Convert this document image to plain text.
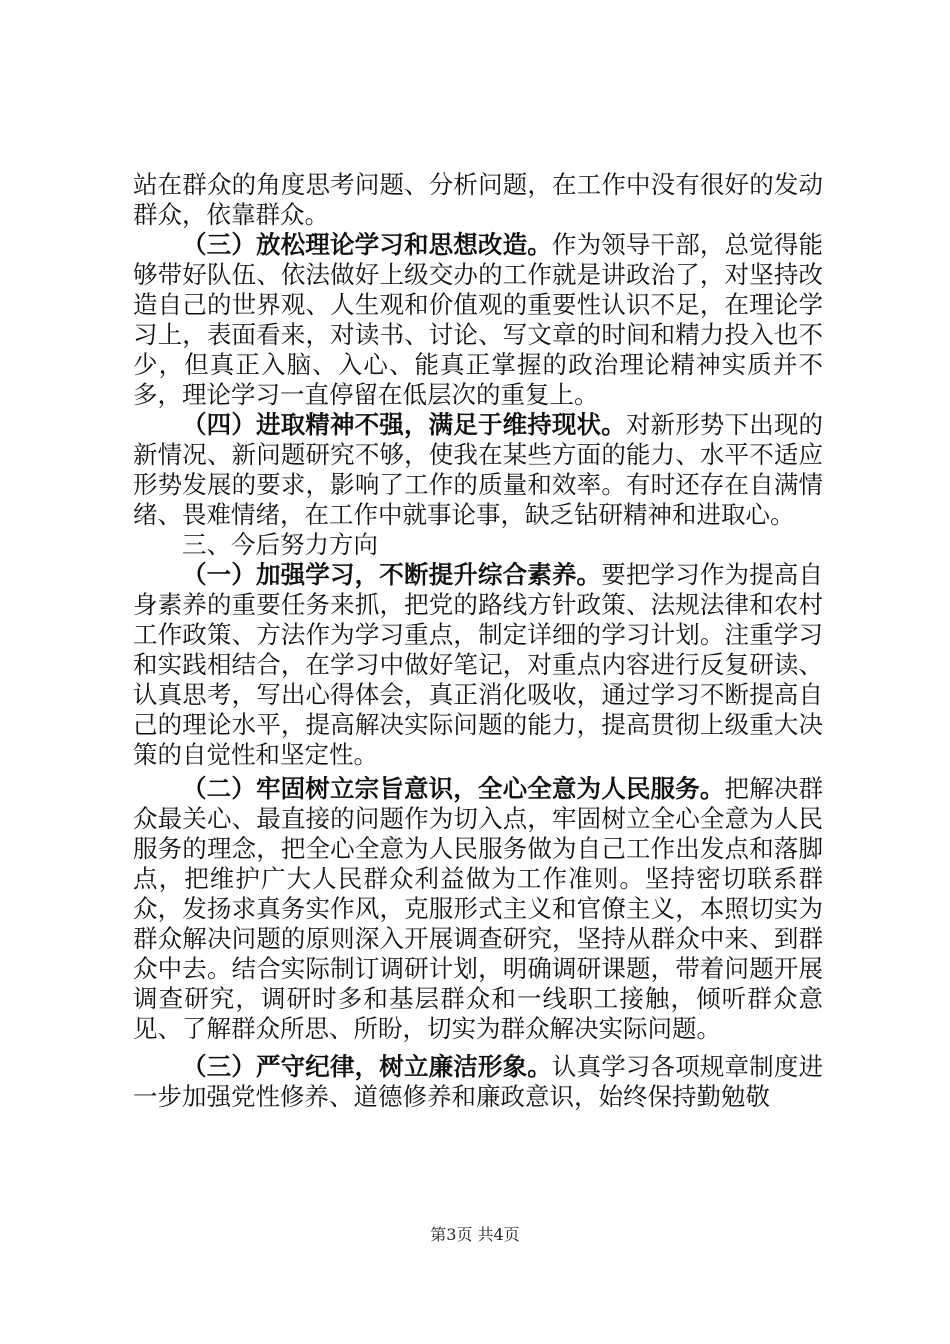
站在群众的角度思考问题、分析问题，在工作中没有很好的发动群众，依靠群众。

（三）放松理论学习和思想改造。作为领导干部，总觉得能够带好队伍、依法做好上级交办的工作就是讲政治了，对坚持改造自己的世界观、人生观和价值观的重要性认识不足，在理论学习上，表面看来，对读书、讨论、写文章的时间和精力投入也不少，但真正入脑、入心、能真正掌握的政治理论精神实质并不多，理论学习一直停留在低层次的重复上。

（四）进取精神不强，满足于维持现状。对新形势下出现的新情况、新问题研究不够，使我在某些方面的能力、水平不适应形势发展的要求，影响了工作的质量和效率。有时还存在自满情绪、畏难情绪，在工作中就事论事，缺乏钻研精神和进取心。

三、今后努力方向

（一）加强学习，不断提升综合素养。要把学习作为提高自身素养的重要任务来抓，把党的路线方针政策、法规法律和农村工作政策、方法作为学习重点，制定详细的学习计划。注重学习和实践相结合，在学习中做好笔记，对重点内容进行反复研读、认真思考，写出心得体会，真正消化吸收，通过学习不断提高自己的理论水平，提高解决实际问题的能力，提高贯彻上级重大决策的自觉性和坚定性。

（二）牢固树立宗旨意识，全心全意为人民服务。把解决群众最关心、最直接的问题作为切入点，牢固树立全心全意为人民服务的理念，把全心全意为人民服务做为自己工作出发点和落脚点，把维护广大人民群众利益做为工作准则。坚持密切联系群众，发扬求真务实作风，克服形式主义和官僚主义，本照切实为群众解决问题的原则深入开展调查研究，坚持从群众中来、到群众中去。结合实际制订调研计划，明确调研课题，带着问题开展调查研究，调研时多和基层群众和一线职工接触，倾听群众意见、了解群众所思、所盼，切实为群众解决实际问题。

（三）严守纪律，树立廉洁形象。认真学习各项规章制度进一步加强党性修养、道德修养和廉政意识，始终保持勤勉敬

第3页 共4页
